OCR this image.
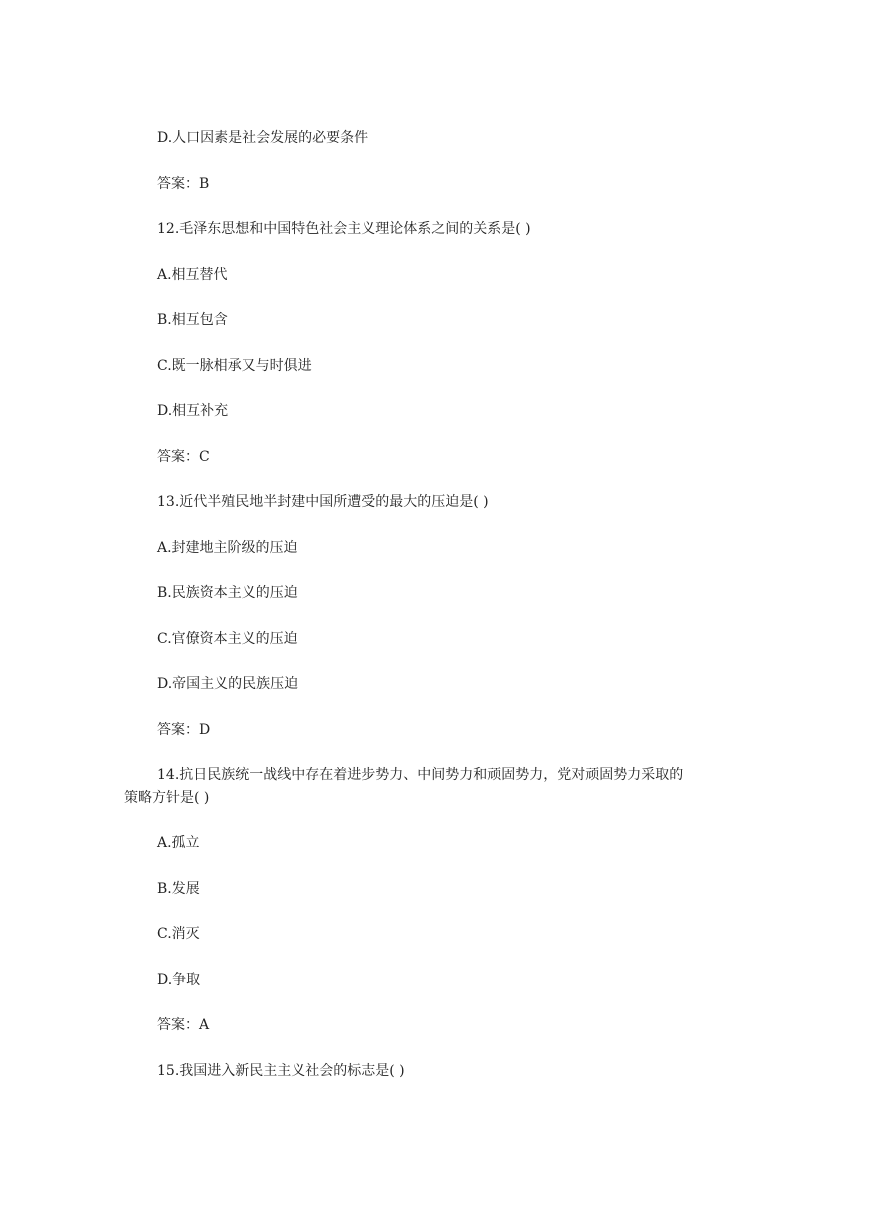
D.人口因素是社会发展的必要条件
答案：B
12.毛泽东思想和中国特色社会主义理论体系之间的关系是( )
A.相互替代
B.相互包含
C.既一脉相承又与时俱进
D.相互补充
答案：C
13.近代半殖民地半封建中国所遭受的最大的压迫是( )
A.封建地主阶级的压迫
B.民族资本主义的压迫
C.官僚资本主义的压迫
D.帝国主义的民族压迫
答案：D
14.抗日民族统一战线中存在着进步势力、中间势力和顽固势力，党对顽固势力采取的
策略方针是( )
A.孤立
B.发展
C.消灭
D.争取
答案：A
15.我国进入新民主主义社会的标志是( )
